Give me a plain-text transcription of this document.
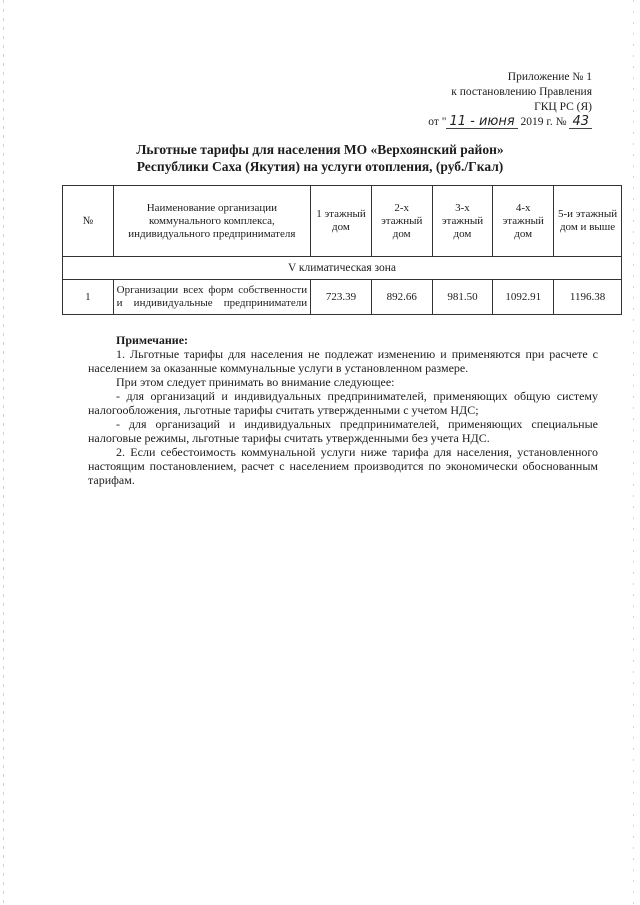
Приложение № 1
к постановлению Правления
ГКЦ РС (Я)
от " 11 - июня 2019 г. № 43
Льготные тарифы для населения МО «Верхоянский район»
Республики Саха (Якутия) на услуги отопления, (руб./Гкал)
№	Наименование организации коммунального комплекса, индивидуального предпринимателя	1 этажный дом	2-х этажный дом	3-х этажный дом	4-х этажный дом	5-и этажный дом и выше
V климатическая зона						
1	Организации всех форм собственности и индивидуальные предприниматели	723.39	892.66	981.50	1092.91	1196.38

Примечание:

1. Льготные тарифы для населения не подлежат изменению и применяются при расчете с населением за оказанные коммунальные услуги в установленном размере.

При этом следует принимать во внимание следующее:

- для организаций и индивидуальных предпринимателей, применяющих общую систему налогообложения, льготные тарифы считать утвержденными с учетом НДС;

- для организаций и индивидуальных предпринимателей, применяющих специальные налоговые режимы, льготные тарифы считать утвержденными без учета НДС.

2. Если себестоимость коммунальной услуги ниже тарифа для населения, установленного настоящим постановлением, расчет с населением производится по экономически обоснованным тарифам.
